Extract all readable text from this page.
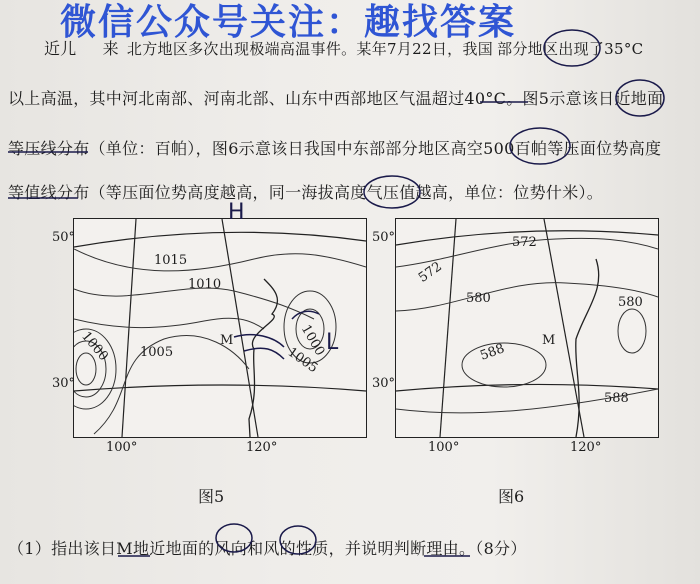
微信公众号关注：趣找答案
近儿 来 北方地区多次出现极端高温事件。某年7月22日，我国 部分地区出现了35°C
以上高温，其中河北南部、河南北部、山东中西部地区气温超过40°C。图5示意该日近地面
等压线分布（单位：百帕），图6示意该日我国中东部部分地区高空500百帕等压面位势高度
等值线分布（等压面位势高度越高，同一海拔高度气压值越高，单位：位势什米）。
1015
1010
1005
1000	1000
1005
M
50°
30°
100°	120°
图5
572
572
580	580
588
588
M
50°
30°
100°	120°
图6
（1）指出该日M地近地面的风向和风的性质，并说明判断理由。（8分）
H
L
